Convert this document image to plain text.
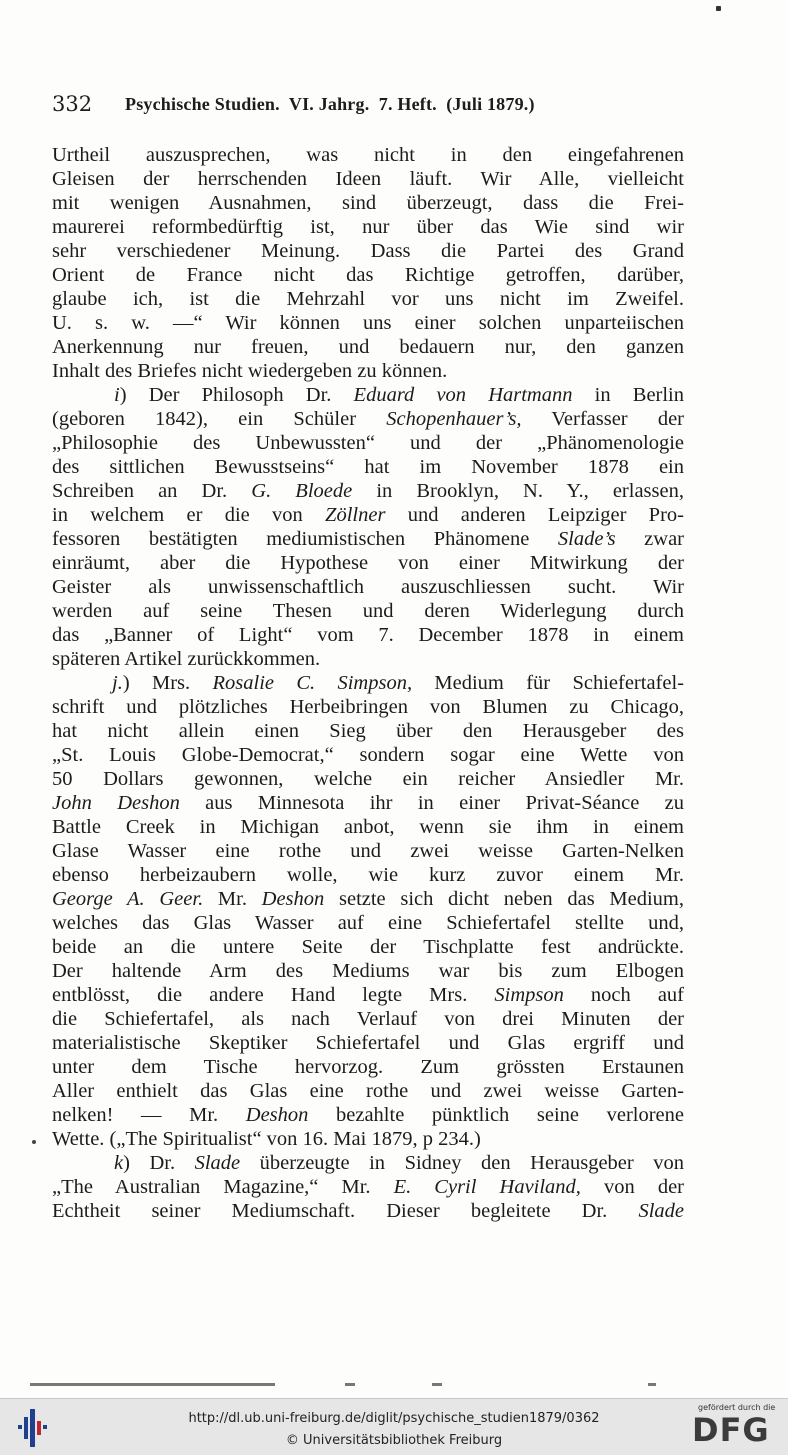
332 Psychische Studien.  VI. Jahrg.  7. Heft.  (Juli 1879.)
Urtheil auszusprechen, was nicht in den eingefahrenen
Gleisen der herrschenden Ideen läuft. Wir Alle, vielleicht
mit wenigen Ausnahmen, sind überzeugt, dass die Frei-
maurerei reformbedürftig ist, nur über das Wie sind wir
sehr verschiedener Meinung. Dass die Partei des Grand
Orient de France nicht das Richtige getroffen, darüber,
glaube ich, ist die Mehrzahl vor uns nicht im Zweifel.
U. s. w. —“ Wir können uns einer solchen unparteiischen
Anerkennung nur freuen, und bedauern nur, den ganzen
Inhalt des Briefes nicht wiedergeben zu können.
i) Der Philosoph Dr. Eduard von Hartmann in Berlin
(geboren 1842), ein Schüler Schopenhauer’s, Verfasser der
„Philosophie des Unbewussten“ und der „Phänomenologie
des sittlichen Bewusstseins“ hat im November 1878 ein
Schreiben an Dr. G. Bloede in Brooklyn, N. Y., erlassen,
in welchem er die von Zöllner und anderen Leipziger Pro-
fessoren bestätigten mediumistischen Phänomene Slade’s zwar
einräumt, aber die Hypothese von einer Mitwirkung der
Geister als unwissenschaftlich auszuschliessen sucht. Wir
werden auf seine Thesen und deren Widerlegung durch
das „Banner of Light“ vom 7. December 1878 in einem
späteren Artikel zurückkommen.
j.) Mrs. Rosalie C. Simpson, Medium für Schiefertafel-
schrift und plötzliches Herbeibringen von Blumen zu Chicago,
hat nicht allein einen Sieg über den Herausgeber des
„St. Louis Globe-Democrat,“ sondern sogar eine Wette von
50 Dollars gewonnen, welche ein reicher Ansiedler Mr.
John Deshon aus Minnesota ihr in einer Privat-Séance zu
Battle Creek in Michigan anbot, wenn sie ihm in einem
Glase Wasser eine rothe und zwei weisse Garten-Nelken
ebenso herbeizaubern wolle, wie kurz zuvor einem Mr.
George A. Geer. Mr. Deshon setzte sich dicht neben das Medium,
welches das Glas Wasser auf eine Schiefertafel stellte und,
beide an die untere Seite der Tischplatte fest andrückte.
Der haltende Arm des Mediums war bis zum Elbogen
entblösst, die andere Hand legte Mrs. Simpson noch auf
die Schiefertafel, als nach Verlauf von drei Minuten der
materialistische Skeptiker Schiefertafel und Glas ergriff und
unter dem Tische hervorzog. Zum grössten Erstaunen
Aller enthielt das Glas eine rothe und zwei weisse Garten-
nelken! — Mr. Deshon bezahlte pünktlich seine verlorene
Wette. („The Spiritualist“ von 16. Mai 1879, p 234.)
k) Dr. Slade überzeugte in Sidney den Herausgeber von
„The Australian Magazine,“ Mr. E. Cyril Haviland, von der
Echtheit seiner Mediumschaft. Dieser begleitete Dr. Slade
http://dl.ub.uni-freiburg.de/diglit/psychische_studien1879/0362
© Universitätsbibliothek Freiburg
gefördert durch die
DFG
